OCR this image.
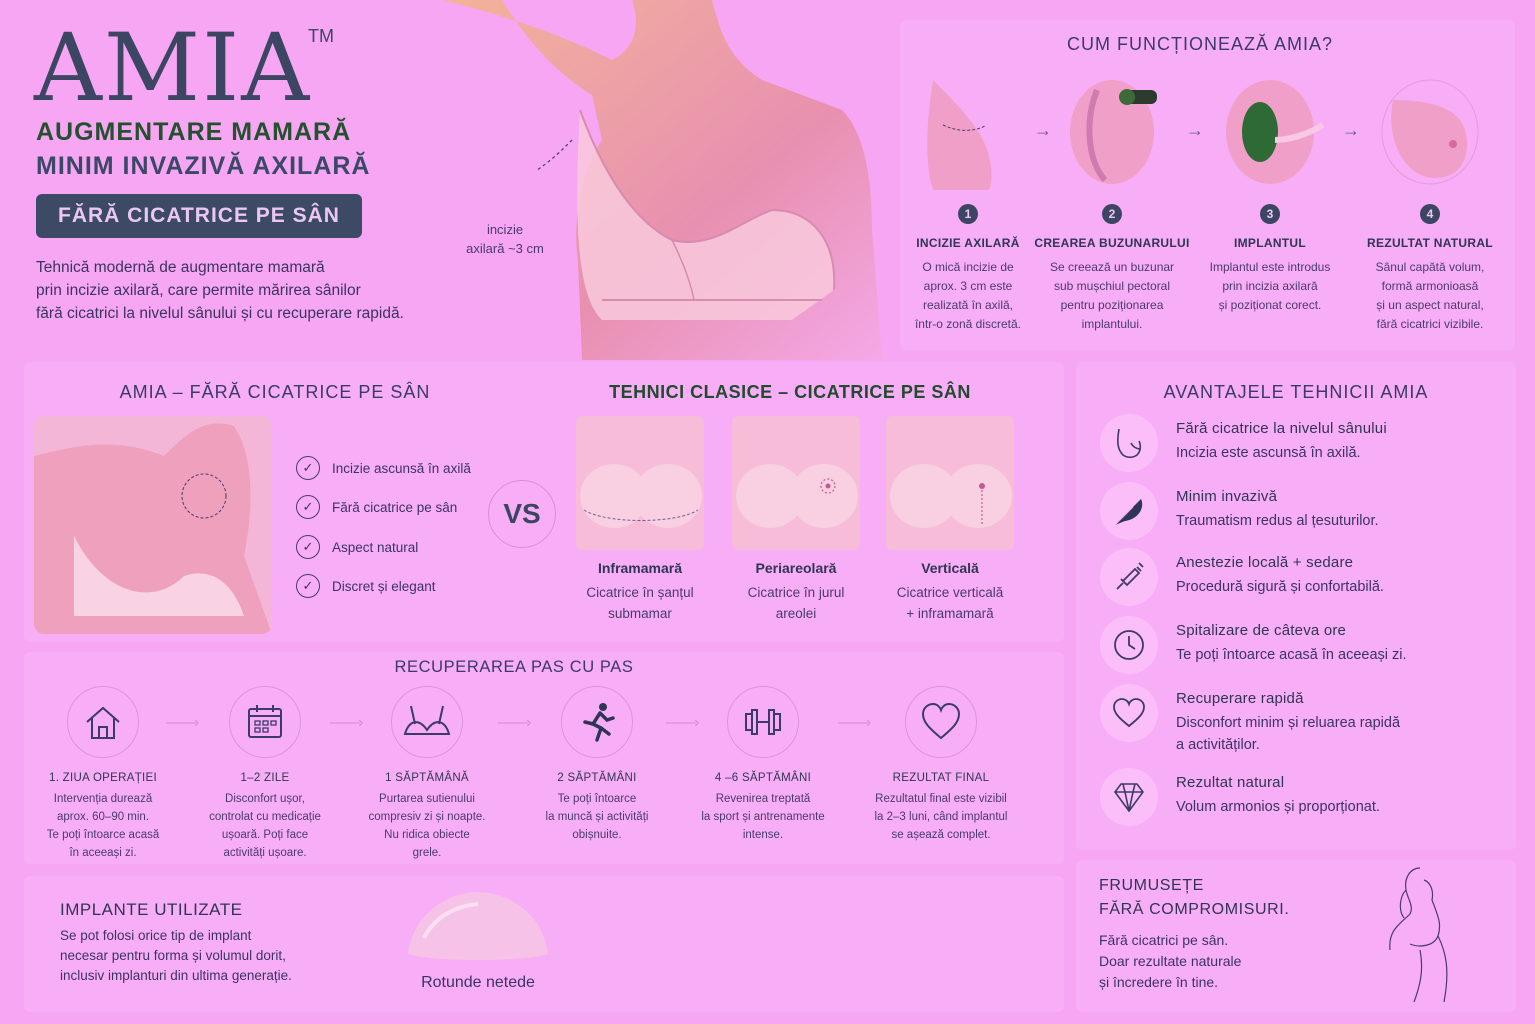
AMIA
TM
AUGMENTARE MAMARĂ
MINIM INVAZIVĂ AXILARĂ
FĂRĂ CICATRICE PE SÂN
Tehnică modernă de augmentare mamară
prin incizie axilară, care permite mărirea sânilor
fără cicatrici la nivelul sânului și cu recuperare rapidă.
incizie
axilară ~3 cm
CUM FUNCȚIONEAZĂ AMIA?
1
INCIZIE AXILARĂ
O mică incizie de
aprox. 3 cm este
realizată în axilă,
într-o zonă discretă.
→
2
CREAREA BUZUNARULUI
Se creează un buzunar
sub mușchiul pectoral
pentru poziționarea
implantului.
→
3
IMPLANTUL
Implantul este introdus
prin incizia axilară
și poziționat corect.
→
4
REZULTAT NATURAL
Sânul capătă volum,
formă armonioasă
și un aspect natural,
fără cicatrici vizibile.
AMIA – FĂRĂ CICATRICE PE SÂN	TEHNICI CLASICE – CICATRICE PE SÂN
✓	Incizie ascunsă în axilă
✓	Fără cicatrice pe sân
✓	Aspect natural
✓	Discret și elegant
VS
Inframamară
Cicatrice în șanțul
submamar
Periareolară
Cicatrice în jurul
areolei
Verticală
Cicatrice verticală
+ inframamară
RECUPERAREA PAS CU PAS
1. ZIUA OPERAȚIEI
Intervenția durează
aprox. 60–90 min.
Te poți întoarce acasă
în aceeași zi.
——›
1–2 ZILE
Disconfort ușor,
controlat cu medicație
ușoară. Poți face
activități ușoare.
——›
1 SĂPTĂMÂNĂ
Purtarea sutienului
compresiv zi și noapte.
Nu ridica obiecte
grele.
——›
2 SĂPTĂMÂNI
Te poți întoarce
la muncă și activități
obișnuite.
——›
4 –6 SĂPTĂMÂNI
Revenirea treptată
la sport și antrenamente
intense.
——›
REZULTAT FINAL
Rezultatul final este vizibil
la 2–3 luni, când implantul
se așează complet.
IMPLANTE UTILIZATE
Se pot folosi orice tip de implant
necesar pentru forma și volumul dorit,
inclusiv implanturi din ultima generație.	Rotunde netede
AVANTAJELE TEHNICII AMIA
Fără cicatrice la nivelul sânului
Incizia este ascunsă în axilă.
Minim invazivă
Traumatism redus al țesuturilor.
Anestezie locală + sedare
Procedură sigură și confortabilă.
Spitalizare de câteva ore
Te poți întoarce acasă în aceeași zi.
Recuperare rapidă
Disconfort minim și reluarea rapidă
a activităților.
Rezultat natural
Volum armonios și proporționat.
FRUMUSEȚE
FĂRĂ COMPROMISURI.
Fără cicatrici pe sân.
Doar rezultate naturale
și încredere în tine.
